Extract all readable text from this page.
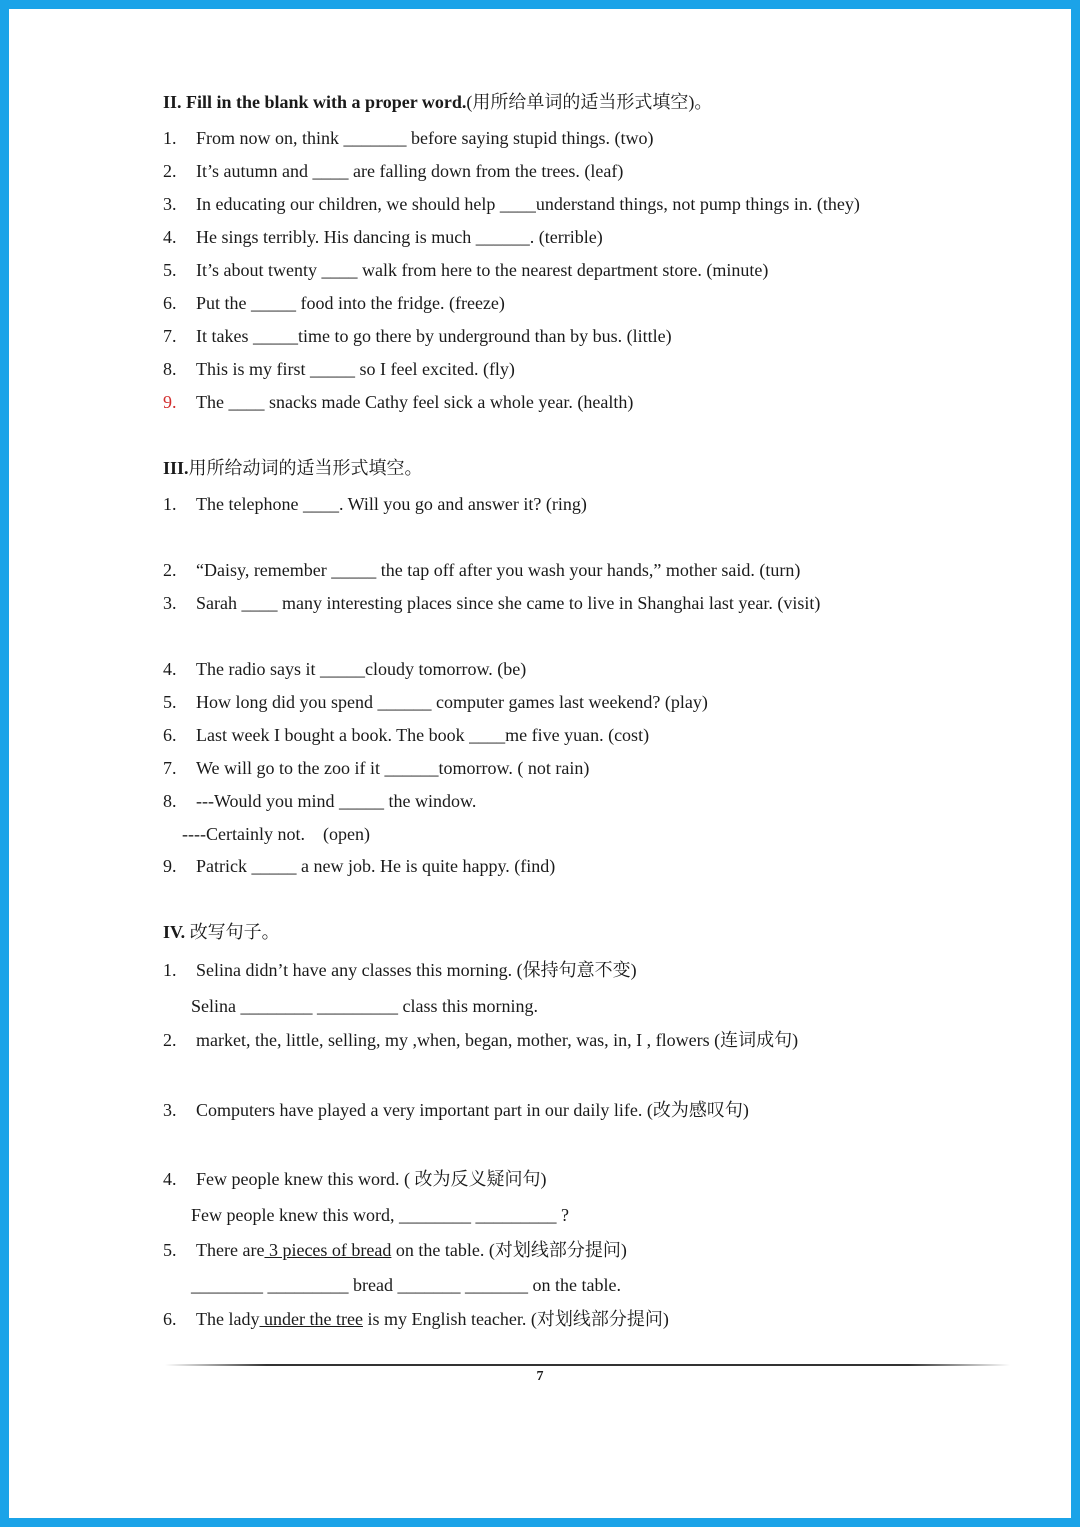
II. Fill in the blank with a proper word.(用所给单词的适当形式填空)。
1. From now on, think _______ before saying stupid things. (two)
2. It’s autumn and ____ are falling down from the trees. (leaf)
3. In educating our children, we should help ____understand things, not pump things in. (they)
4. He sings terribly. His dancing is much ______. (terrible)
5. It’s about twenty ____ walk from here to the nearest department store. (minute)
6. Put the _____ food into the fridge. (freeze)
7. It takes _____time to go there by underground than by bus. (little)
8. This is my first _____ so I feel excited. (fly)
9. The ____ snacks made Cathy feel sick a whole year. (health)
III.用所给动词的适当形式填空。
1. The telephone ____. Will you go and answer it? (ring)
2. “Daisy, remember _____ the tap off after you wash your hands,” mother said. (turn)
3. Sarah ____ many interesting places since she came to live in Shanghai last year. (visit)
4. The radio says it _____cloudy tomorrow. (be)
5. How long did you spend ______ computer games last weekend? (play)
6. Last week I bought a book. The book ____me five yuan. (cost)
7. We will go to the zoo if it ______tomorrow. ( not rain)
8. ---Would you mind _____ the window.
----Certainly not.    (open)
9. Patrick _____ a new job. He is quite happy. (find)
IV. 改写句子。
1. Selina didn’t have any classes this morning. (保持句意不变)
Selina ________ _________ class this morning.
2. market, the, little, selling, my ,when, began, mother, was, in, I , flowers (连词成句)
3. Computers have played a very important part in our daily life. (改为感叹句)
4. Few people knew this word. ( 改为反义疑问句)
Few people knew this word, ________ _________ ?
5. There are 3 pieces of bread on the table. (对划线部分提问)
________ _________ bread _______ _______ on the table.
6. The lady under the tree is my English teacher. (对划线部分提问)
7
